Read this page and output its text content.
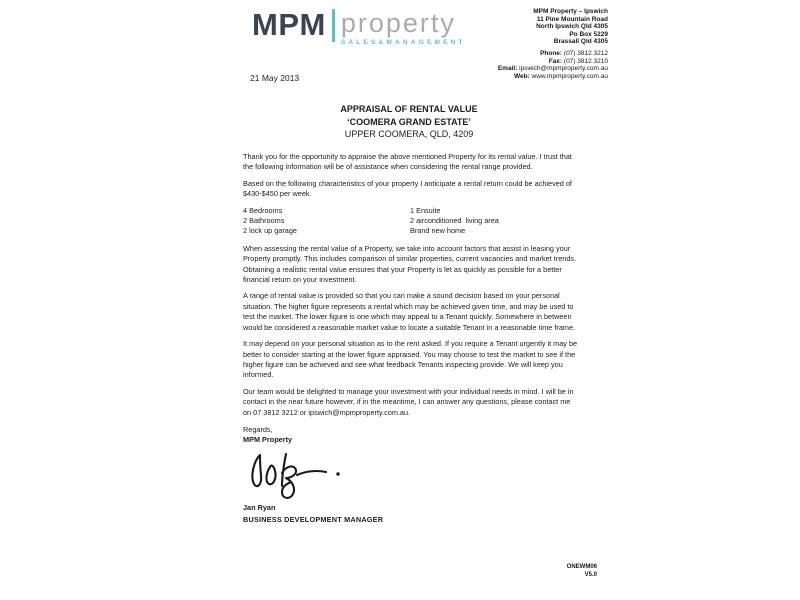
MPM property
SALES&MANAGEMENT
MPM Property – Ipswich
11 Pine Mountain Road
North Ipswich Qld 4305
Po Box 5229
Brassall Qld 4305
Phone: (07) 3812 3212
Fax: (07) 3812 3210
Email: ipswich@mpmproperty.com.au
Web: www.mpmproperty.com.au
21 May 2013
APPRAISAL OF RENTAL VALUE
‘COOMERA GRAND ESTATE’
UPPER COOMERA, QLD, 4209

Thank you for the opportunity to appraise the above mentioned Property for its rental value. I trust that the following information will be of assistance when considering the rental range provided.

Based on the following characteristics of your property I anticipate a rental return could be achieved of $430-$450 per week.

4 Bedrooms
2 Bathrooms
2 lock up garage
1 Ensuite
2 airconditioned  living area
Brand new home

When assessing the rental value of a Property, we take into account factors that assist in leasing your Property promptly. This includes comparison of similar properties, current vacancies and market trends. Obtaining a realistic rental value ensures that your Property is let as quickly as possible for a better financial return on your investment.

A range of rental value is provided so that you can make a sound decision based on your personal situation. The higher figure represents a rental which may be achieved given time, and may be used to test the market. The lower figure is one which may appeal to a Tenant quickly. Somewhere in between would be considered a reasonable market value to locate a suitable Tenant in a reasonable time frame.

It may depend on your personal situation as to the rent asked. If you require a Tenant urgently it may be better to consider starting at the lower figure appraised. You may choose to test the market to see if the higher figure can be achieved and see what feedback Tenants inspecting provide. We will keep you informed.

Our team would be delighted to manage your investment with your individual needs in mind. I will be in contact in the near future however, if in the meantime, I can answer any questions, please contact me on 07 3812 3212 or ipswich@mpmproperty.com.au.

Regards,
MPM Property
Jan Ryan
BUSINESS DEVELOPMENT MANAGER
ONEWM06
V5.0
